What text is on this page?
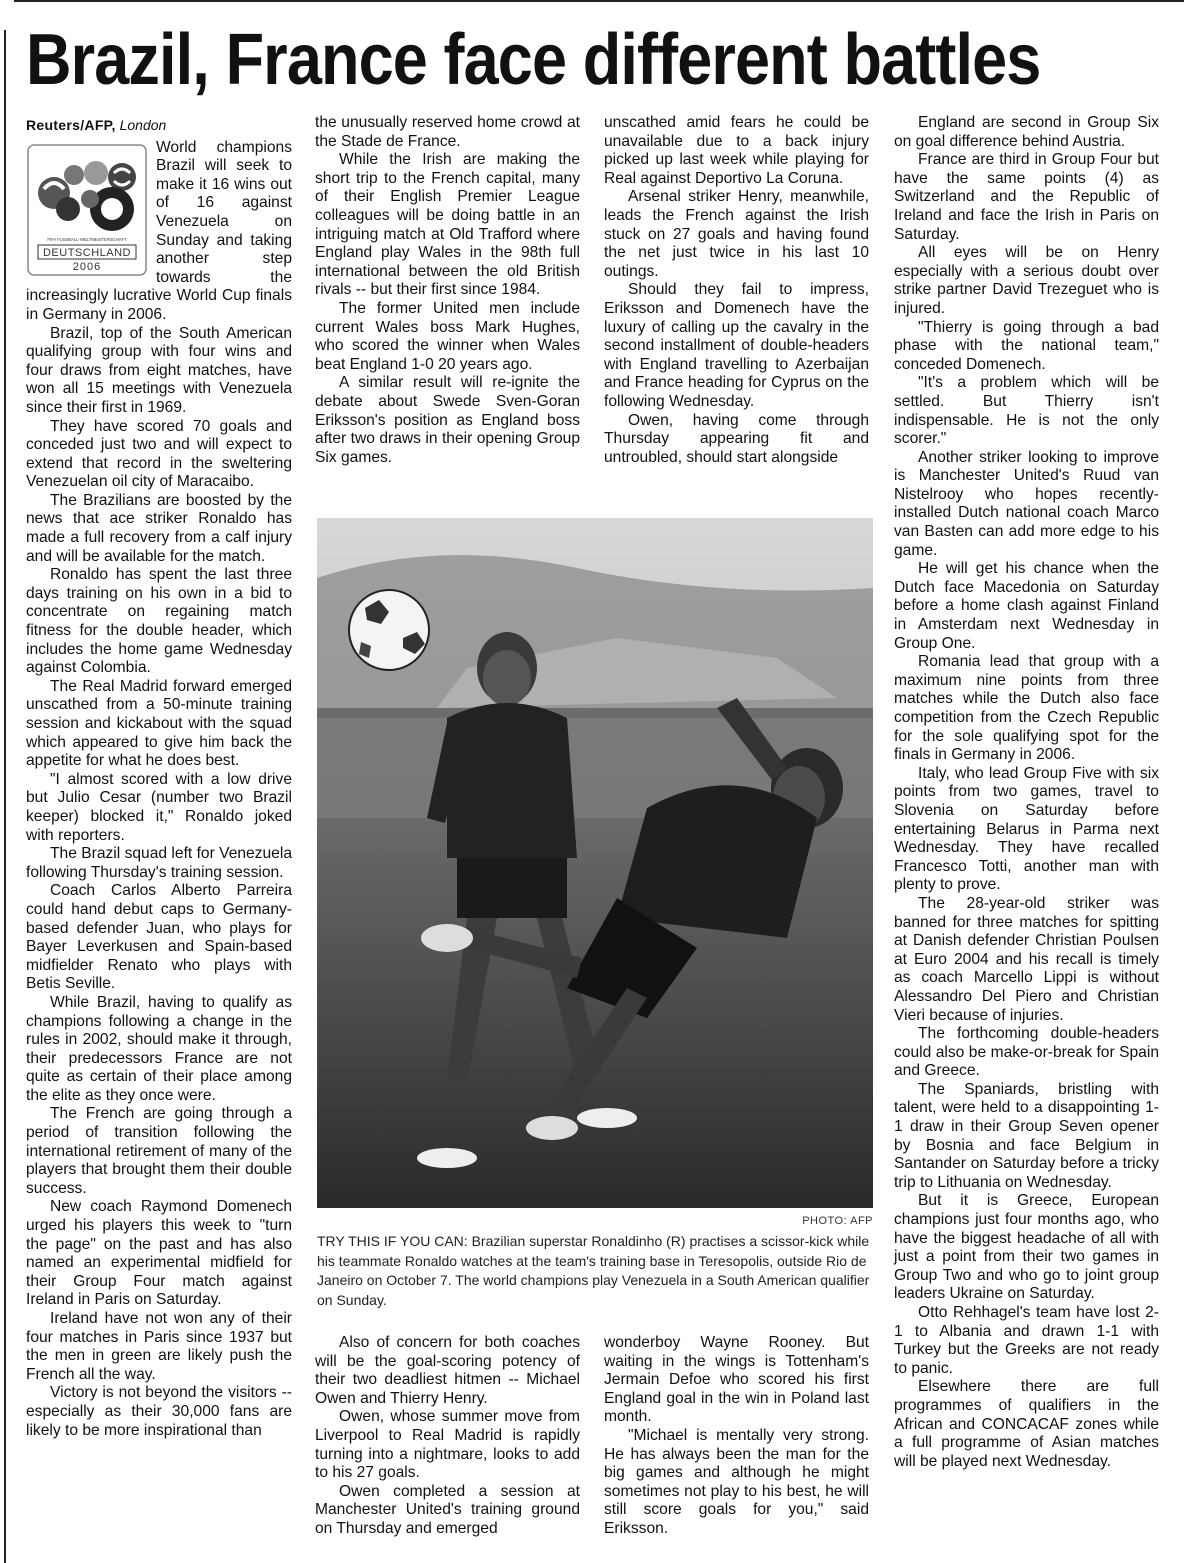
Brazil, France face different battles
Reuters/AFP, London
FIFA FUSSBALL-WELTMEISTERSCHAFT
DEUTSCHLAND
2006

World champions Brazil will seek to make it 16 wins out of 16 against Venezuela on Sunday and taking another step towards the increasingly lucrative World Cup finals in Germany in 2006.

Brazil, top of the South American qualifying group with four wins and four draws from eight matches, have won all 15 meetings with Venezuela since their first in 1969.

They have scored 70 goals and conceded just two and will expect to extend that record in the sweltering Venezuelan oil city of Maracaibo.

The Brazilians are boosted by the news that ace striker Ronaldo has made a full recovery from a calf injury and will be available for the match.

Ronaldo has spent the last three days training on his own in a bid to concentrate on regaining match fitness for the double header, which includes the home game Wednesday against Colombia.

The Real Madrid forward emerged unscathed from a 50-minute training session and kickabout with the squad which appeared to give him back the appetite for what he does best.

"I almost scored with a low drive but Julio Cesar (number two Brazil keeper) blocked it," Ronaldo joked with reporters.

The Brazil squad left for Venezuela following Thursday's training session.

Coach Carlos Alberto Parreira could hand debut caps to Germany-based defender Juan, who plays for Bayer Leverkusen and Spain-based midfielder Renato who plays with Betis Seville.

While Brazil, having to qualify as champions following a change in the rules in 2002, should make it through, their predecessors France are not quite as certain of their place among the elite as they once were.

The French are going through a period of transition following the international retirement of many of the players that brought them their double success.

New coach Raymond Domenech urged his players this week to "turn the page" on the past and has also named an experimental midfield for their Group Four match against Ireland in Paris on Saturday.

Ireland have not won any of their four matches in Paris since 1937 but the men in green are likely push the French all the way.

Victory is not beyond the visitors -- especially as their 30,000 fans are likely to be more inspirational than

the unusually reserved home crowd at the Stade de France.

While the Irish are making the short trip to the French capital, many of their English Premier League colleagues will be doing battle in an intriguing match at Old Trafford where England play Wales in the 98th full international between the old British rivals -- but their first since 1984.

The former United men include current Wales boss Mark Hughes, who scored the winner when Wales beat England 1-0 20 years ago.

A similar result will re-ignite the debate about Swede Sven-Goran Eriksson's position as England boss after two draws in their opening Group Six games.

unscathed amid fears he could be unavailable due to a back injury picked up last week while playing for Real against Deportivo La Coruna.

Arsenal striker Henry, meanwhile, leads the French against the Irish stuck on 27 goals and having found the net just twice in his last 10 outings.

Should they fail to impress, Eriksson and Domenech have the luxury of calling up the cavalry in the second installment of double-headers with England travelling to Azerbaijan and France heading for Cyprus on the following Wednesday.

Owen, having come through Thursday appearing fit and untroubled, should start alongside

England are second in Group Six on goal difference behind Austria.

France are third in Group Four but have the same points (4) as Switzerland and the Republic of Ireland and face the Irish in Paris on Saturday.

All eyes will be on Henry especially with a serious doubt over strike partner David Trezeguet who is injured.

"Thierry is going through a bad phase with the national team," conceded Domenech.

"It's a problem which will be settled. But Thierry isn't indispensable. He is not the only scorer."

Another striker looking to improve is Manchester United's Ruud van Nistelrooy who hopes recently-installed Dutch national coach Marco van Basten can add more edge to his game.

He will get his chance when the Dutch face Macedonia on Saturday before a home clash against Finland in Amsterdam next Wednesday in Group One.

Romania lead that group with a maximum nine points from three matches while the Dutch also face competition from the Czech Republic for the sole qualifying spot for the finals in Germany in 2006.

Italy, who lead Group Five with six points from two games, travel to Slovenia on Saturday before entertaining Belarus in Parma next Wednesday. They have recalled Francesco Totti, another man with plenty to prove.

The 28-year-old striker was banned for three matches for spitting at Danish defender Christian Poulsen at Euro 2004 and his recall is timely as coach Marcello Lippi is without Alessandro Del Piero and Christian Vieri because of injuries.

The forthcoming double-headers could also be make-or-break for Spain and Greece.

The Spaniards, bristling with talent, were held to a disappointing 1-1 draw in their Group Seven opener by Bosnia and face Belgium in Santander on Saturday before a tricky trip to Lithuania on Wednesday.

But it is Greece, European champions just four months ago, who have the biggest headache of all with just a point from their two games in Group Two and who go to joint group leaders Ukraine on Saturday.

Otto Rehhagel's team have lost 2-1 to Albania and drawn 1-1 with Turkey but the Greeks are not ready to panic.

Elsewhere there are full programmes of qualifiers in the African and CONCACAF zones while a full programme of Asian matches will be played next Wednesday.

PHOTO: AFP

TRY THIS IF YOU CAN: Brazilian superstar Ronaldinho (R) practises a scissor-kick while his teammate Ronaldo watches at the team's training base in Teresopolis, outside Rio de Janeiro on October 7. The world champions play Venezuela in a South American qualifier on Sunday.

Also of concern for both coaches will be the goal-scoring potency of their two deadliest hitmen -- Michael Owen and Thierry Henry.

Owen, whose summer move from Liverpool to Real Madrid is rapidly turning into a nightmare, looks to add to his 27 goals.

Owen completed a session at Manchester United's training ground on Thursday and emerged

wonderboy Wayne Rooney. But waiting in the wings is Tottenham's Jermain Defoe who scored his first England goal in the win in Poland last month.

"Michael is mentally very strong. He has always been the man for the big games and although he might sometimes not play to his best, he will still score goals for you," said Eriksson.
